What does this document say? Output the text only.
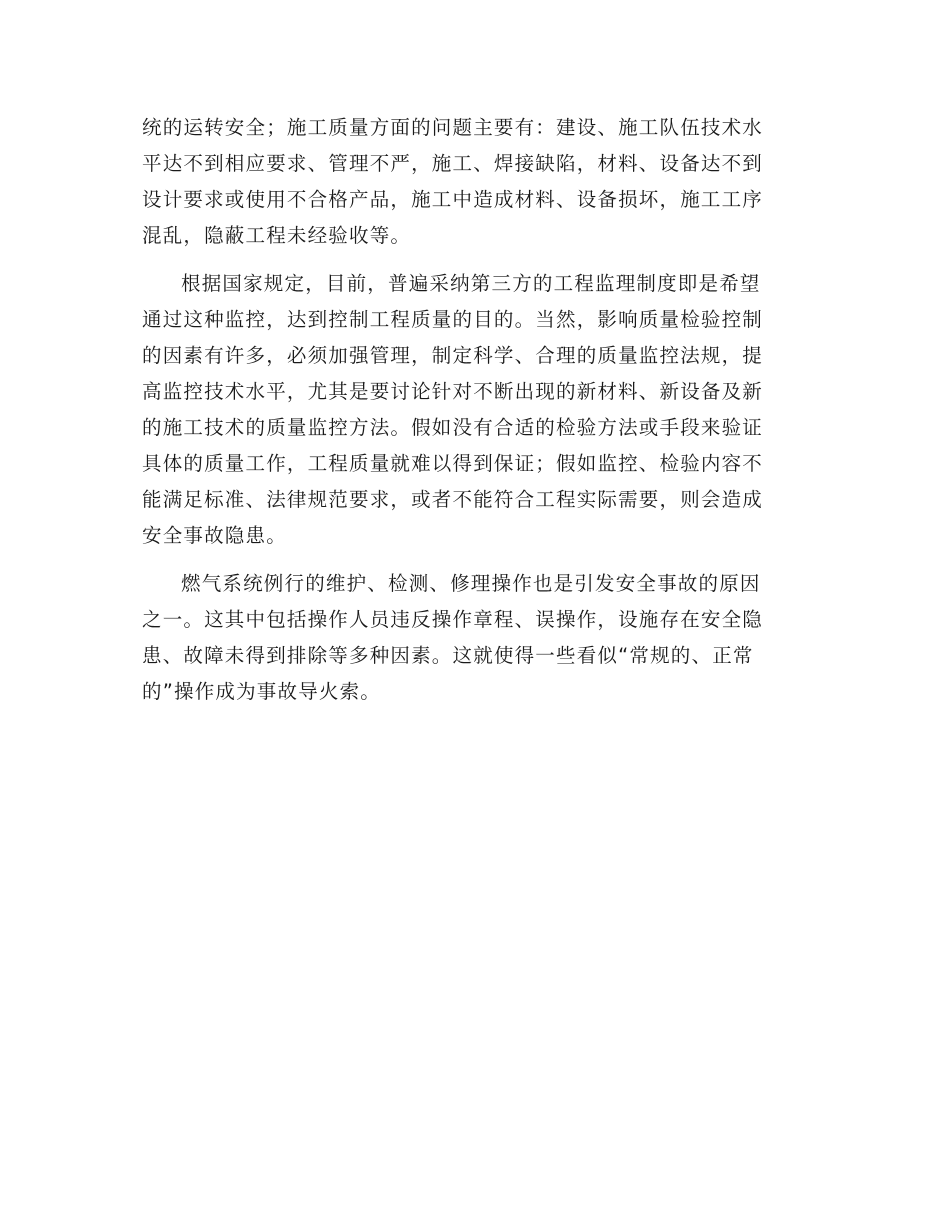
统的运转安全；施工质量方面的问题主要有：建设、施工队伍技术水
平达不到相应要求、管理不严，施工、焊接缺陷，材料、设备达不到
设计要求或使用不合格产品，施工中造成材料、设备损坏，施工工序
混乱，隐蔽工程未经验收等。

根据国家规定，目前，普遍采纳第三方的工程监理制度即是希望
通过这种监控，达到控制工程质量的目的。当然，影响质量检验控制
的因素有许多，必须加强管理，制定科学、合理的质量监控法规，提
高监控技术水平，尤其是要讨论针对不断出现的新材料、新设备及新
的施工技术的质量监控方法。假如没有合适的检验方法或手段来验证
具体的质量工作，工程质量就难以得到保证；假如监控、检验内容不
能满足标准、法律规范要求，或者不能符合工程实际需要，则会造成
安全事故隐患。

燃气系统例行的维护、检测、修理操作也是引发安全事故的原因
之一。这其中包括操作人员违反操作章程、误操作，设施存在安全隐
患、故障未得到排除等多种因素。这就使得一些看似“常规的、正常
的”操作成为事故导火索。
